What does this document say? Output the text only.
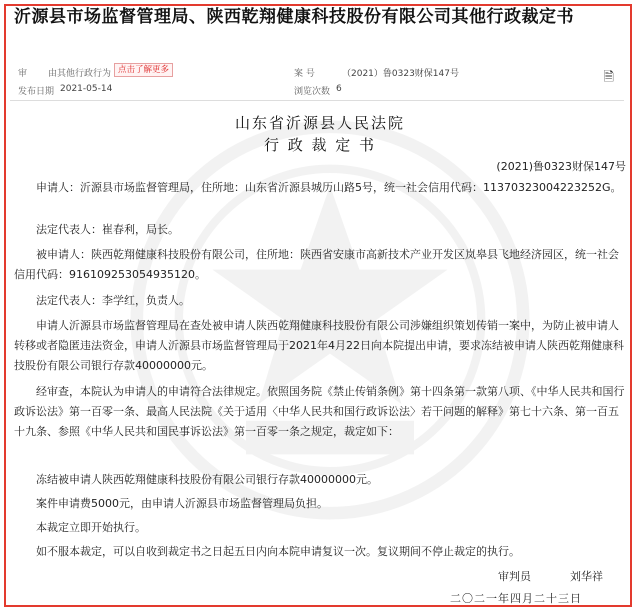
沂源县市场监督管理局、陕西乾翔健康科技股份有限公司其他行政裁定书
审 由其他行政行为 点击了解更多	案 号	（2021）鲁0323财保147号
发布日期 2021-05-14	浏览次数 6
🗎
山东省沂源县人民法院
行 政 裁 定 书
(2021)鲁0323财保147号

申请人：沂源县市场监督管理局，住所地：山东省沂源县城历山路5号，统一社会信用代码：11370323004223252G。

法定代表人：崔春利，局长。

被申请人：陕西乾翔健康科技股份有限公司，住所地：陕西省安康市高新技术产业开发区岚皋县飞地经济园区，统一社会信用代码：916109253054935120。

法定代表人：李学红，负责人。

申请人沂源县市场监督管理局在查处被申请人陕西乾翔健康科技股份有限公司涉嫌组织策划传销一案中，为防止被申请人转移或者隐匿违法资金，申请人沂源县市场监督管理局于2021年4月22日向本院提出申请，要求冻结被申请人陕西乾翔健康科技股份有限公司银行存款40000000元。

经审查，本院认为申请人的申请符合法律规定。依照国务院《禁止传销条例》第十四条第一款第八项、《中华人民共和国行政诉讼法》第一百零一条、最高人民法院《关于适用〈中华人民共和国行政诉讼法〉若干问题的解释》第七十六条、第一百五十九条、参照《中华人民共和国民事诉讼法》第一百零一条之规定，裁定如下：

冻结被申请人陕西乾翔健康科技股份有限公司银行存款40000000元。

案件申请费5000元，由申请人沂源县市场监督管理局负担。

本裁定立即开始执行。

如不服本裁定，可以自收到裁定书之日起五日内向本院申请复议一次。复议期间不停止裁定的执行。

审判员	刘华祥
二〇二一年四月二十三日
